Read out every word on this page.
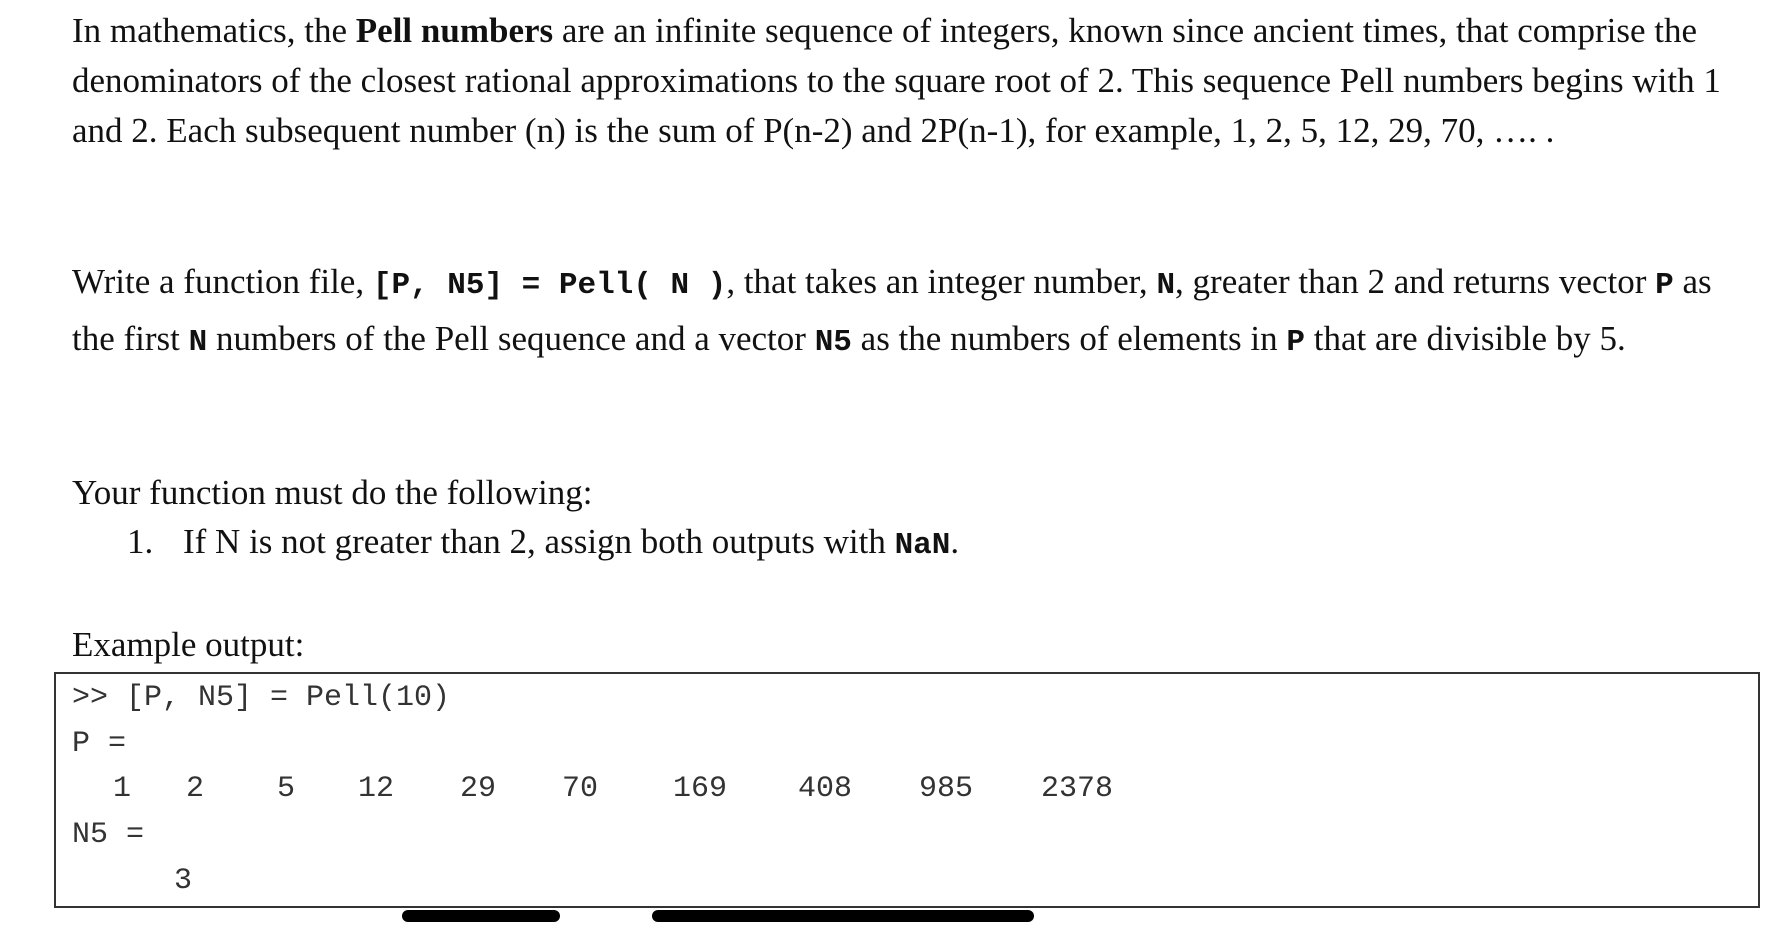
In mathematics, the Pell numbers are an infinite sequence of integers, known since ancient times, that comprise the denominators of the closest rational approximations to the square root of 2. This sequence Pell numbers begins with 1 and 2. Each subsequent number (n) is the sum of P(n-2) and 2P(n-1), for example, 1, 2, 5, 12, 29, 70, …. .

Write a function file, [P, N5] = Pell( N ), that takes an integer number, N, greater than 2 and returns vector P as the first N numbers of the Pell sequence and a vector N5 as the numbers of elements in P that are divisible by 5.

Your function must do the following:

1. If N is not greater than 2, assign both outputs with NaN.

Example output:

>> [P, N5] = Pell(10)

P =

1 2 5 12 29 70 169 408 985 2378

N5 =

3
